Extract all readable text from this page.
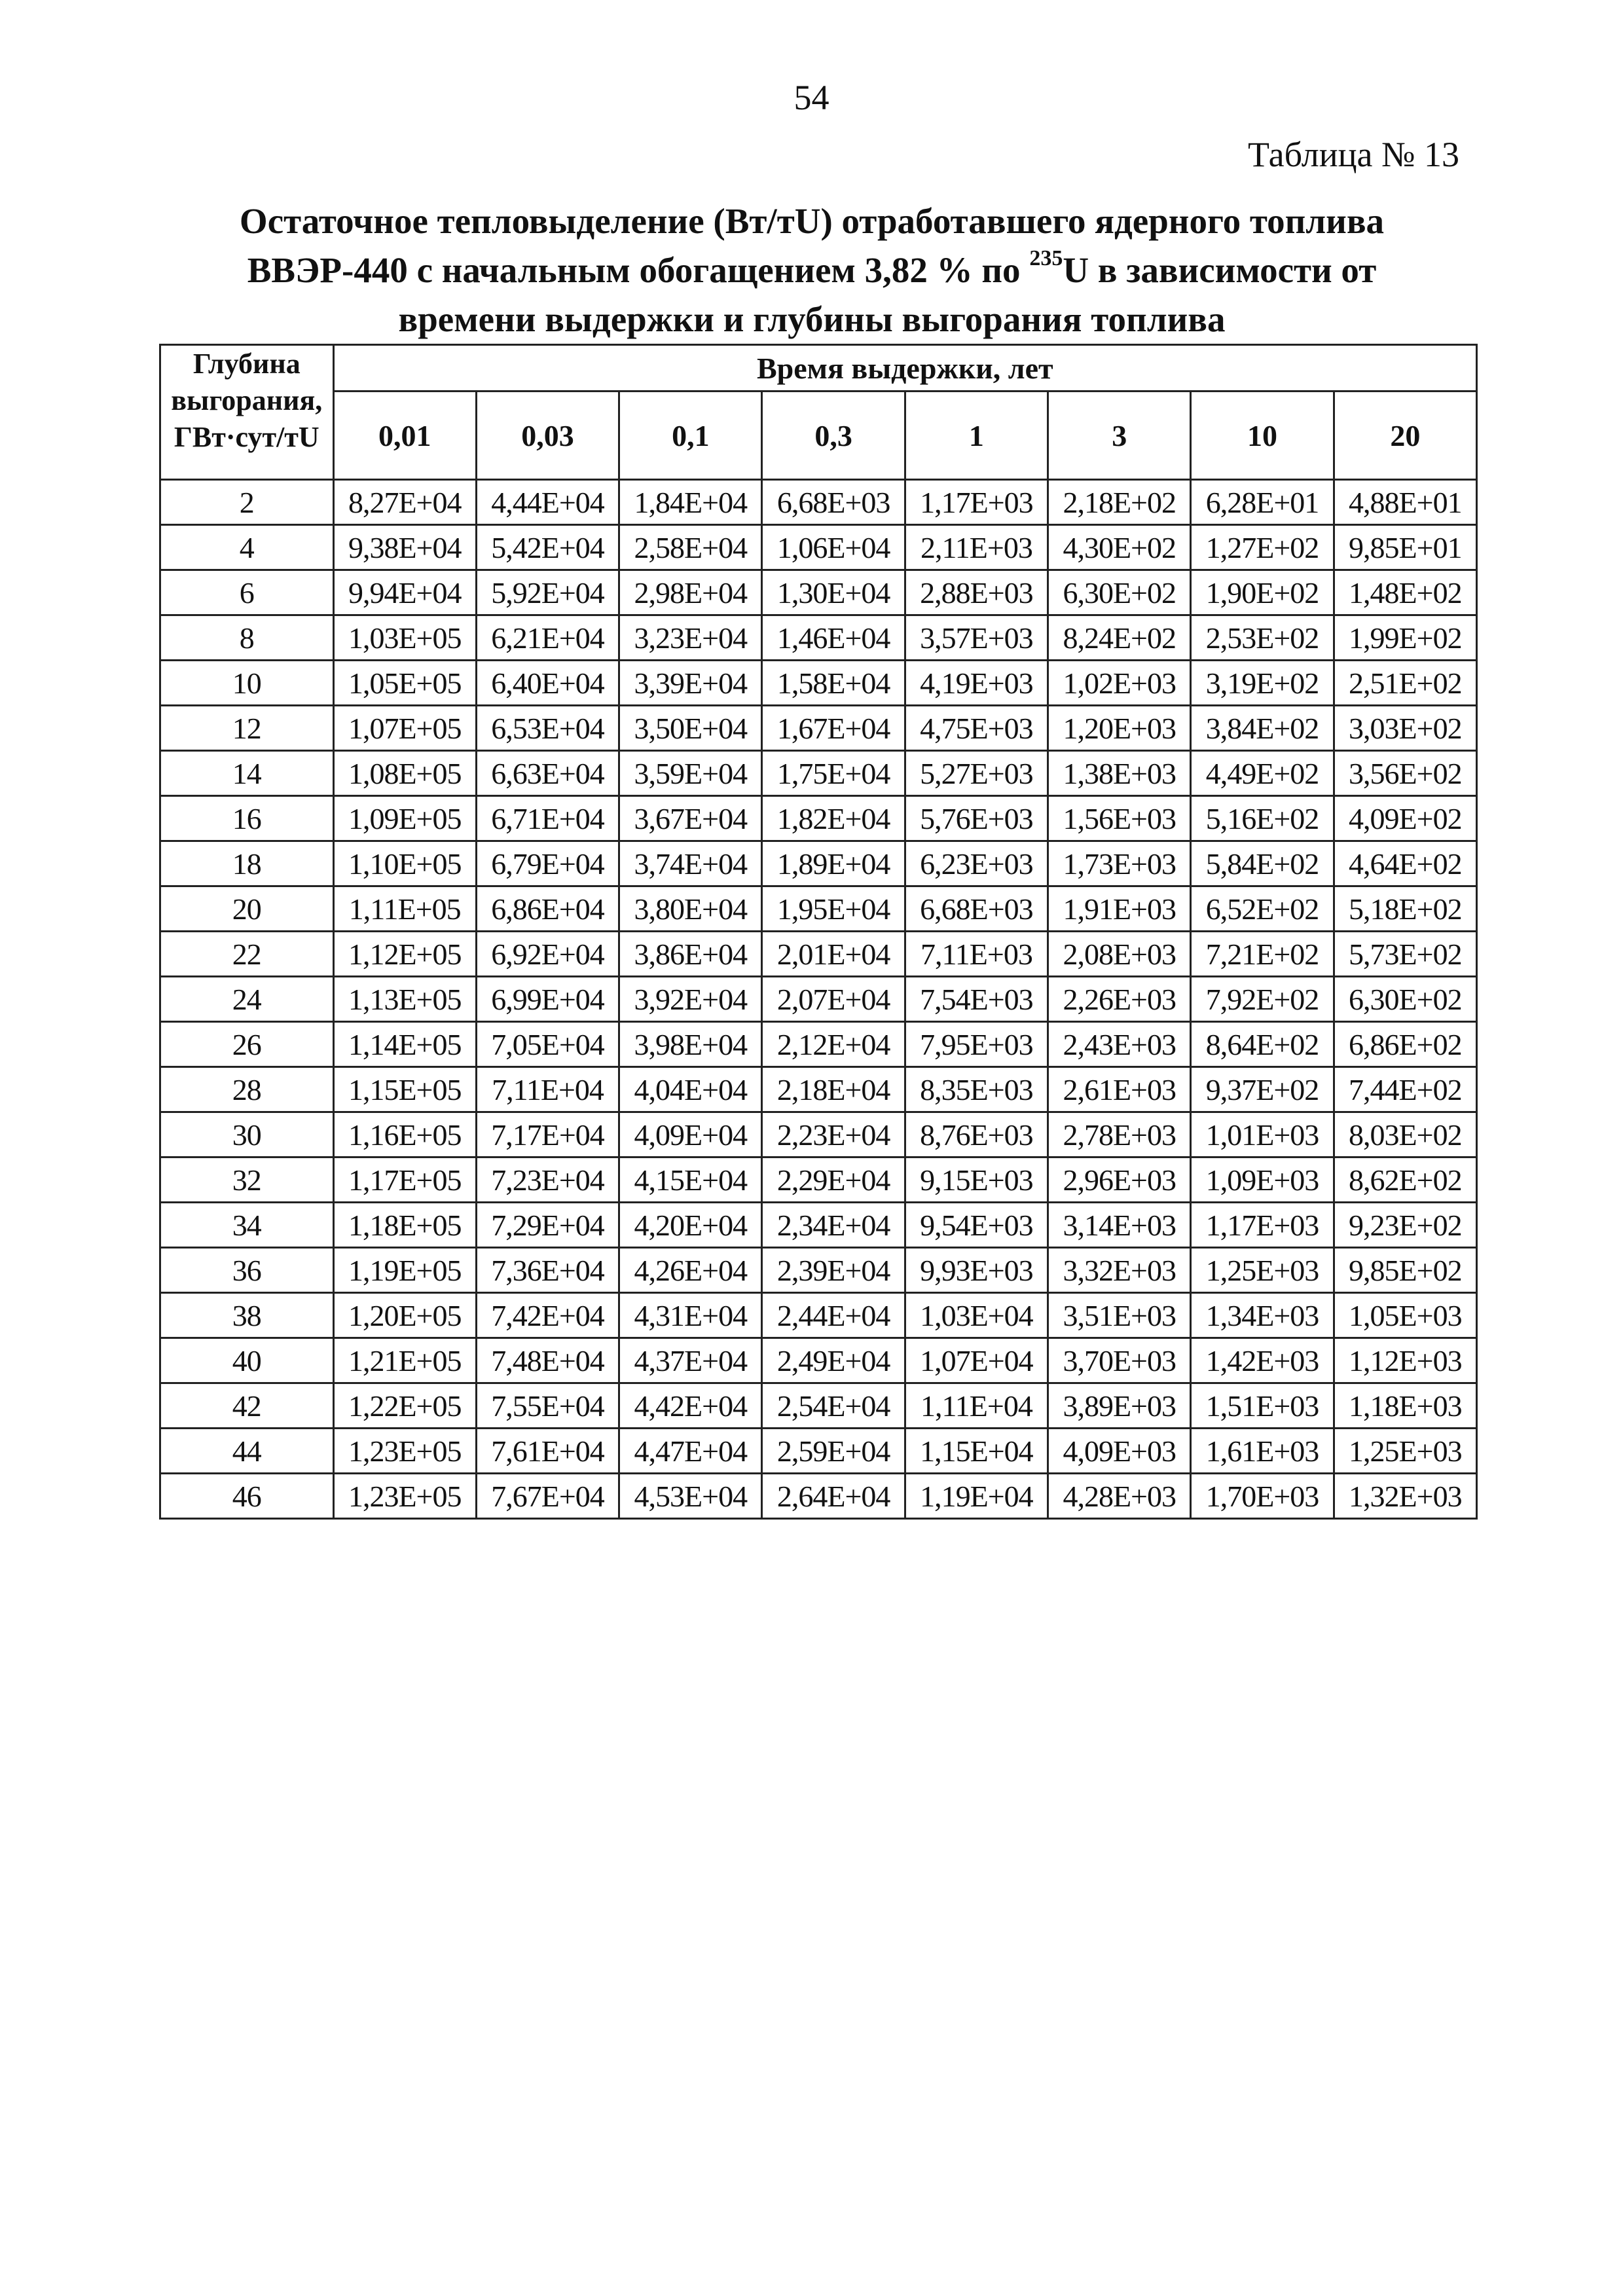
54
Таблица № 13
Остаточное тепловыделение (Вт/тU) отработавшего ядерного топлива
ВВЭР-440 с начальным обогащением 3,82 % по $^{235}$U в зависимости от
времени выдержки и глубины выгорания топлива
Глубина
выгорания,
ГВт·сут/тU	Время выдержки, лет							
	0,01	0,03	0,1	0,3	1	3	10	20
2	8,27E+04	4,44E+04	1,84E+04	6,68E+03	1,17E+03	2,18E+02	6,28E+01	4,88E+01
4	9,38E+04	5,42E+04	2,58E+04	1,06E+04	2,11E+03	4,30E+02	1,27E+02	9,85E+01
6	9,94E+04	5,92E+04	2,98E+04	1,30E+04	2,88E+03	6,30E+02	1,90E+02	1,48E+02
8	1,03E+05	6,21E+04	3,23E+04	1,46E+04	3,57E+03	8,24E+02	2,53E+02	1,99E+02
10	1,05E+05	6,40E+04	3,39E+04	1,58E+04	4,19E+03	1,02E+03	3,19E+02	2,51E+02
12	1,07E+05	6,53E+04	3,50E+04	1,67E+04	4,75E+03	1,20E+03	3,84E+02	3,03E+02
14	1,08E+05	6,63E+04	3,59E+04	1,75E+04	5,27E+03	1,38E+03	4,49E+02	3,56E+02
16	1,09E+05	6,71E+04	3,67E+04	1,82E+04	5,76E+03	1,56E+03	5,16E+02	4,09E+02
18	1,10E+05	6,79E+04	3,74E+04	1,89E+04	6,23E+03	1,73E+03	5,84E+02	4,64E+02
20	1,11E+05	6,86E+04	3,80E+04	1,95E+04	6,68E+03	1,91E+03	6,52E+02	5,18E+02
22	1,12E+05	6,92E+04	3,86E+04	2,01E+04	7,11E+03	2,08E+03	7,21E+02	5,73E+02
24	1,13E+05	6,99E+04	3,92E+04	2,07E+04	7,54E+03	2,26E+03	7,92E+02	6,30E+02
26	1,14E+05	7,05E+04	3,98E+04	2,12E+04	7,95E+03	2,43E+03	8,64E+02	6,86E+02
28	1,15E+05	7,11E+04	4,04E+04	2,18E+04	8,35E+03	2,61E+03	9,37E+02	7,44E+02
30	1,16E+05	7,17E+04	4,09E+04	2,23E+04	8,76E+03	2,78E+03	1,01E+03	8,03E+02
32	1,17E+05	7,23E+04	4,15E+04	2,29E+04	9,15E+03	2,96E+03	1,09E+03	8,62E+02
34	1,18E+05	7,29E+04	4,20E+04	2,34E+04	9,54E+03	3,14E+03	1,17E+03	9,23E+02
36	1,19E+05	7,36E+04	4,26E+04	2,39E+04	9,93E+03	3,32E+03	1,25E+03	9,85E+02
38	1,20E+05	7,42E+04	4,31E+04	2,44E+04	1,03E+04	3,51E+03	1,34E+03	1,05E+03
40	1,21E+05	7,48E+04	4,37E+04	2,49E+04	1,07E+04	3,70E+03	1,42E+03	1,12E+03
42	1,22E+05	7,55E+04	4,42E+04	2,54E+04	1,11E+04	3,89E+03	1,51E+03	1,18E+03
44	1,23E+05	7,61E+04	4,47E+04	2,59E+04	1,15E+04	4,09E+03	1,61E+03	1,25E+03
46	1,23E+05	7,67E+04	4,53E+04	2,64E+04	1,19E+04	4,28E+03	1,70E+03	1,32E+03
